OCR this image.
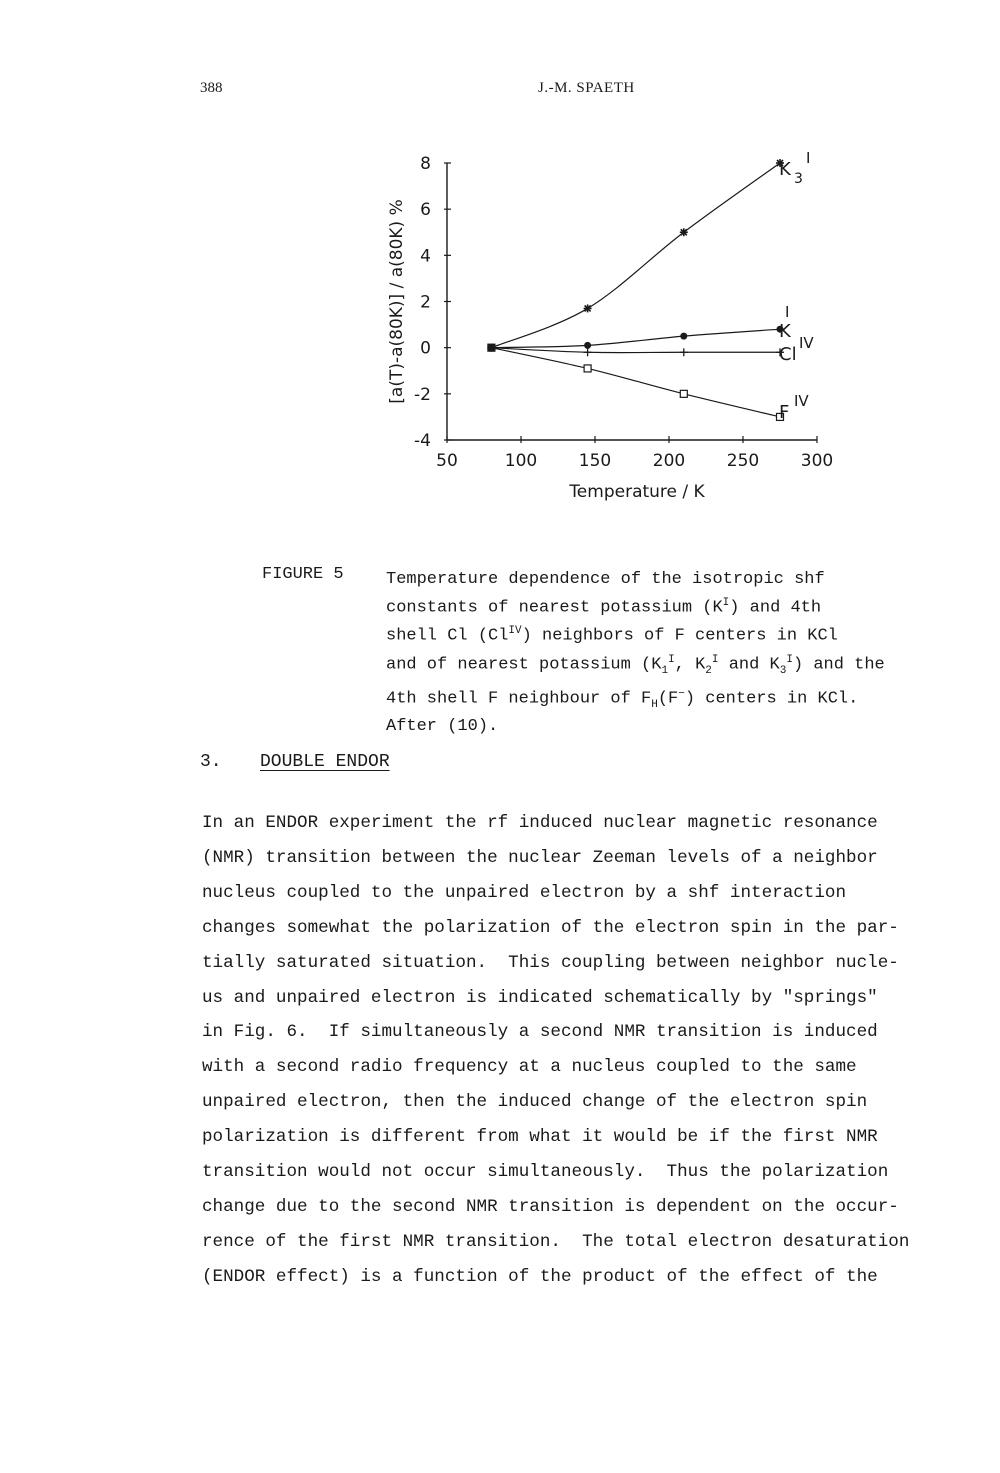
388	J.-M. SPAETH
8
6
4
2
0
-2
-4
50	100 150 200 250 300
Temperature / K
[a(T)-a(80K)] / a(80K) %
K 3
I
K
I
Cl
IV
F
IV
FIGURE 5 Temperature dependence of the isotropic shf
constants of nearest potassium $(K^I)$ and 4th
shell Cl $(Cl^{IV})$ neighbors of F centers in KCl
and of nearest potassium ($K_1^I$, $K_2^I$ and $K_3^I$) and the
4th shell F neighbour of $F_H(F^-)$ centers in KCl.
After (10).
3. DOUBLE ENDOR
In an ENDOR experiment the rf induced nuclear magnetic resonance
(NMR) transition between the nuclear Zeeman levels of a neighbor
nucleus coupled to the unpaired electron by a shf interaction
changes somewhat the polarization of the electron spin in the par-
tially saturated situation.  This coupling between neighbor nucle-
us and unpaired electron is indicated schematically by "springs"
in Fig. 6.  If simultaneously a second NMR transition is induced
with a second radio frequency at a nucleus coupled to the same
unpaired electron, then the induced change of the electron spin
polarization is different from what it would be if the first NMR
transition would not occur simultaneously.  Thus the polarization
change due to the second NMR transition is dependent on the occur-
rence of the first NMR transition.  The total electron desaturation
(ENDOR effect) is a function of the product of the effect of the
